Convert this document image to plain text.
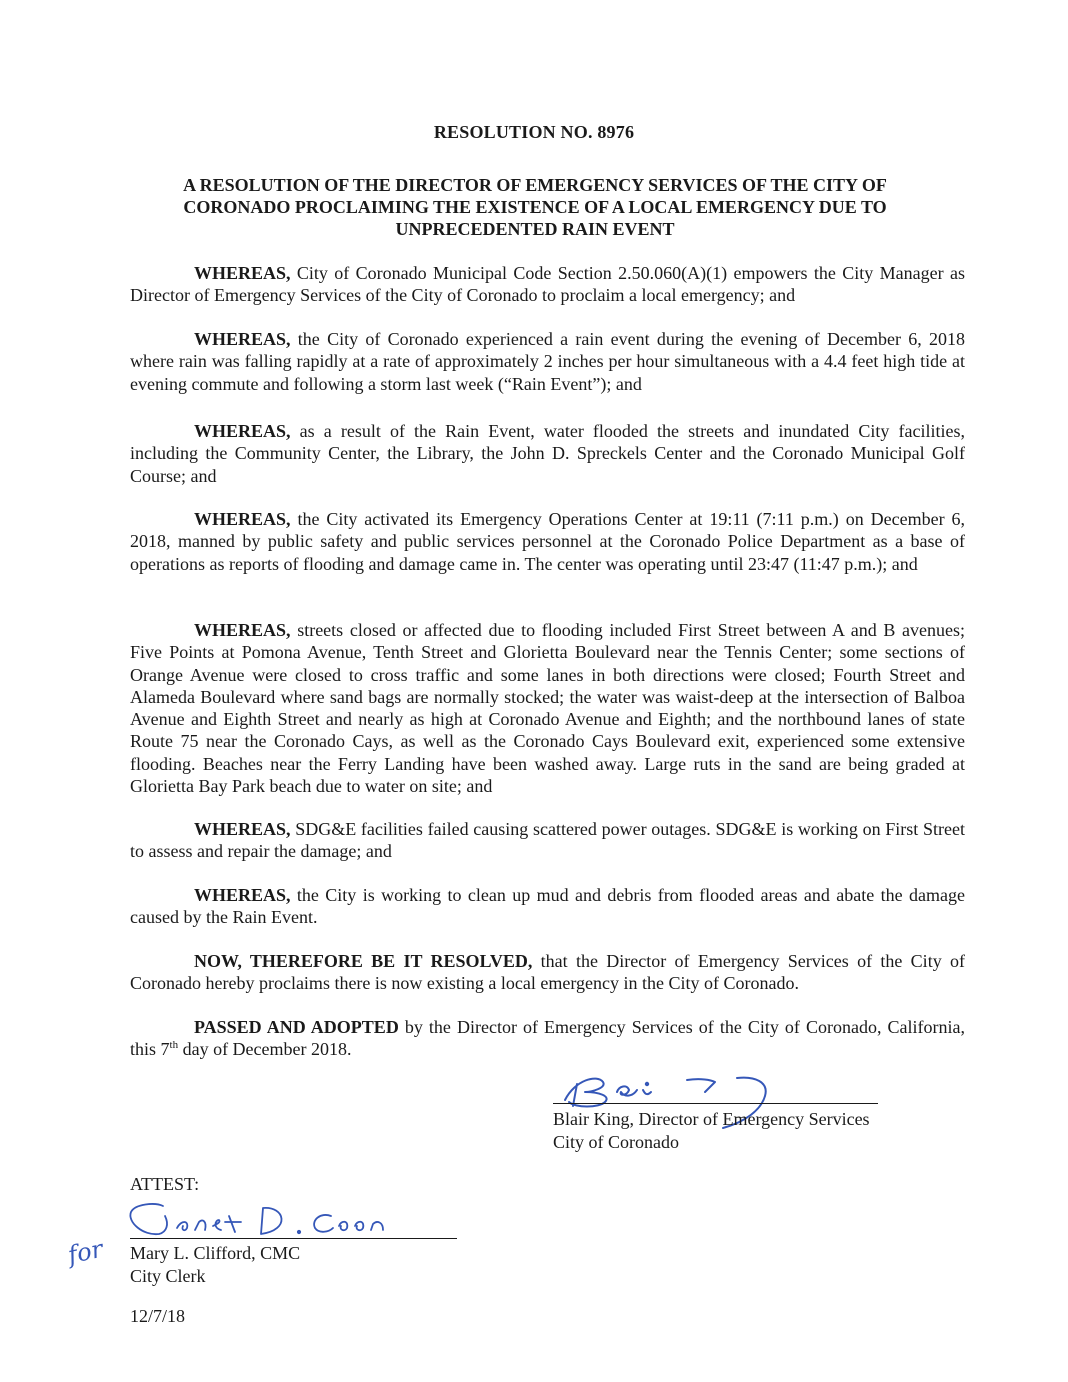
RESOLUTION NO. 8976
A RESOLUTION OF THE DIRECTOR OF EMERGENCY SERVICES OF THE CITY OF CORONADO PROCLAIMING THE EXISTENCE OF A LOCAL EMERGENCY DUE TO UNPRECEDENTED RAIN EVENT

WHEREAS, City of Coronado Municipal Code Section 2.50.060(A)(1) empowers the City Manager as Director of Emergency Services of the City of Coronado to proclaim a local emergency; and

WHEREAS, the City of Coronado experienced a rain event during the evening of December 6, 2018 where rain was falling rapidly at a rate of approximately 2 inches per hour simultaneous with a 4.4 feet high tide at evening commute and following a storm last week (“Rain Event”); and

WHEREAS, as a result of the Rain Event, water flooded the streets and inundated City facilities, including the Community Center, the Library, the John D. Spreckels Center and the Coronado Municipal Golf Course; and

WHEREAS, the City activated its Emergency Operations Center at 19:11 (7:11 p.m.) on December 6, 2018, manned by public safety and public services personnel at the Coronado Police Department as a base of operations as reports of flooding and damage came in. The center was operating until 23:47 (11:47 p.m.); and

WHEREAS, streets closed or affected due to flooding included First Street between A and B avenues; Five Points at Pomona Avenue, Tenth Street and Glorietta Boulevard near the Tennis Center; some sections of Orange Avenue were closed to cross traffic and some lanes in both directions were closed; Fourth Street and Alameda Boulevard where sand bags are normally stocked; the water was waist-deep at the intersection of Balboa Avenue and Eighth Street and nearly as high at Coronado Avenue and Eighth; and the northbound lanes of state Route 75 near the Coronado Cays, as well as the Coronado Cays Boulevard exit, experienced some extensive flooding. Beaches near the Ferry Landing have been washed away. Large ruts in the sand are being graded at Glorietta Bay Park beach due to water on site; and

WHEREAS, SDG&E facilities failed causing scattered power outages. SDG&E is working on First Street to assess and repair the damage; and

WHEREAS, the City is working to clean up mud and debris from flooded areas and abate the damage caused by the Rain Event.

NOW, THEREFORE BE IT RESOLVED, that the Director of Emergency Services of the City of Coronado hereby proclaims there is now existing a local emergency in the City of Coronado.

PASSED AND ADOPTED by the Director of Emergency Services of the City of Coronado, California, this 7th day of December 2018.

Blair King, Director of Emergency Services
City of Coronado
ATTEST:
for Mary L. Clifford, CMC
City Clerk
12/7/18
